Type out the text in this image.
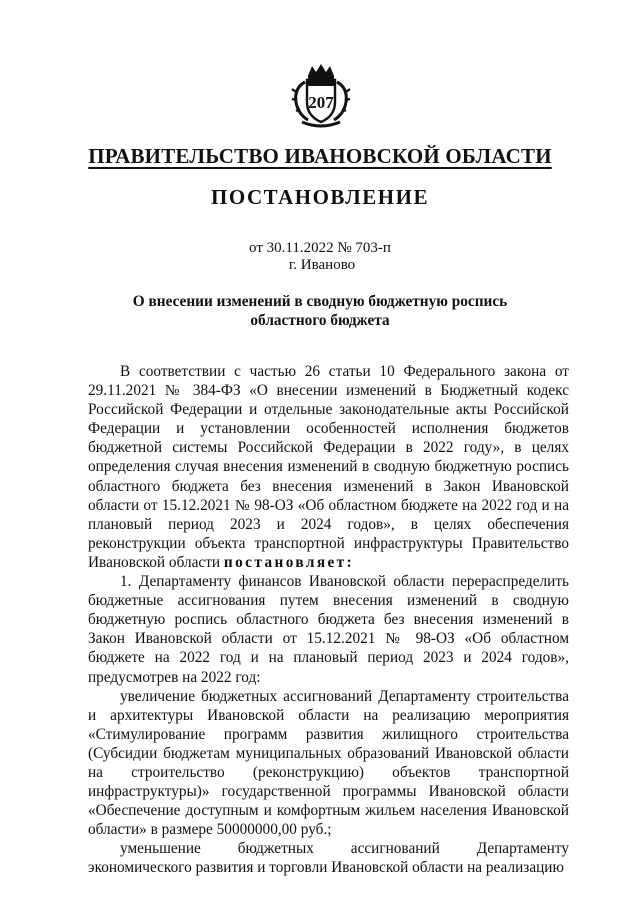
207
ПРАВИТЕЛЬСТВО ИВАНОВСКОЙ ОБЛАСТИ
ПОСТАНОВЛЕНИЕ
от 30.11.2022 № 703-п
г. Иваново
О внесении изменений в сводную бюджетную роспись
областного бюджета

В соответствии с частью 26 статьи 10 Федерального закона от 29.11.2021 № 384-ФЗ «О внесении изменений в Бюджетный кодекс Российской Федерации и отдельные законодательные акты Российской Федерации и установлении особенностей исполнения бюджетов бюджетной системы Российской Федерации в 2022 году», в целях определения случая внесения изменений в сводную бюджетную роспись областного бюджета без внесения изменений в Закон Ивановской области от 15.12.2021 № 98-ОЗ «Об областном бюджете на 2022 год и на плановый период 2023 и 2024 годов», в целях обеспечения реконструкции объекта транспортной инфраструктуры Правительство Ивановской области постановляет:

1. Департаменту финансов Ивановской области перераспределить бюджетные ассигнования путем внесения изменений в сводную бюджетную роспись областного бюджета без внесения изменений в Закон Ивановской области от 15.12.2021 № 98-ОЗ «Об областном бюджете на 2022 год и на плановый период 2023 и 2024 годов», предусмотрев на 2022 год:

увеличение бюджетных ассигнований Департаменту строительства и архитектуры Ивановской области на реализацию мероприятия «Стимулирование программ развития жилищного строительства (Субсидии бюджетам муниципальных образований Ивановской области на строительство (реконструкцию) объектов транспортной инфраструктуры)» государственной программы Ивановской области «Обеспечение доступным и комфортным жильем населения Ивановской области» в размере 50000000,00 руб.;

уменьшение бюджетных ассигнований Департаменту экономического развития и торговли Ивановской области на реализацию
